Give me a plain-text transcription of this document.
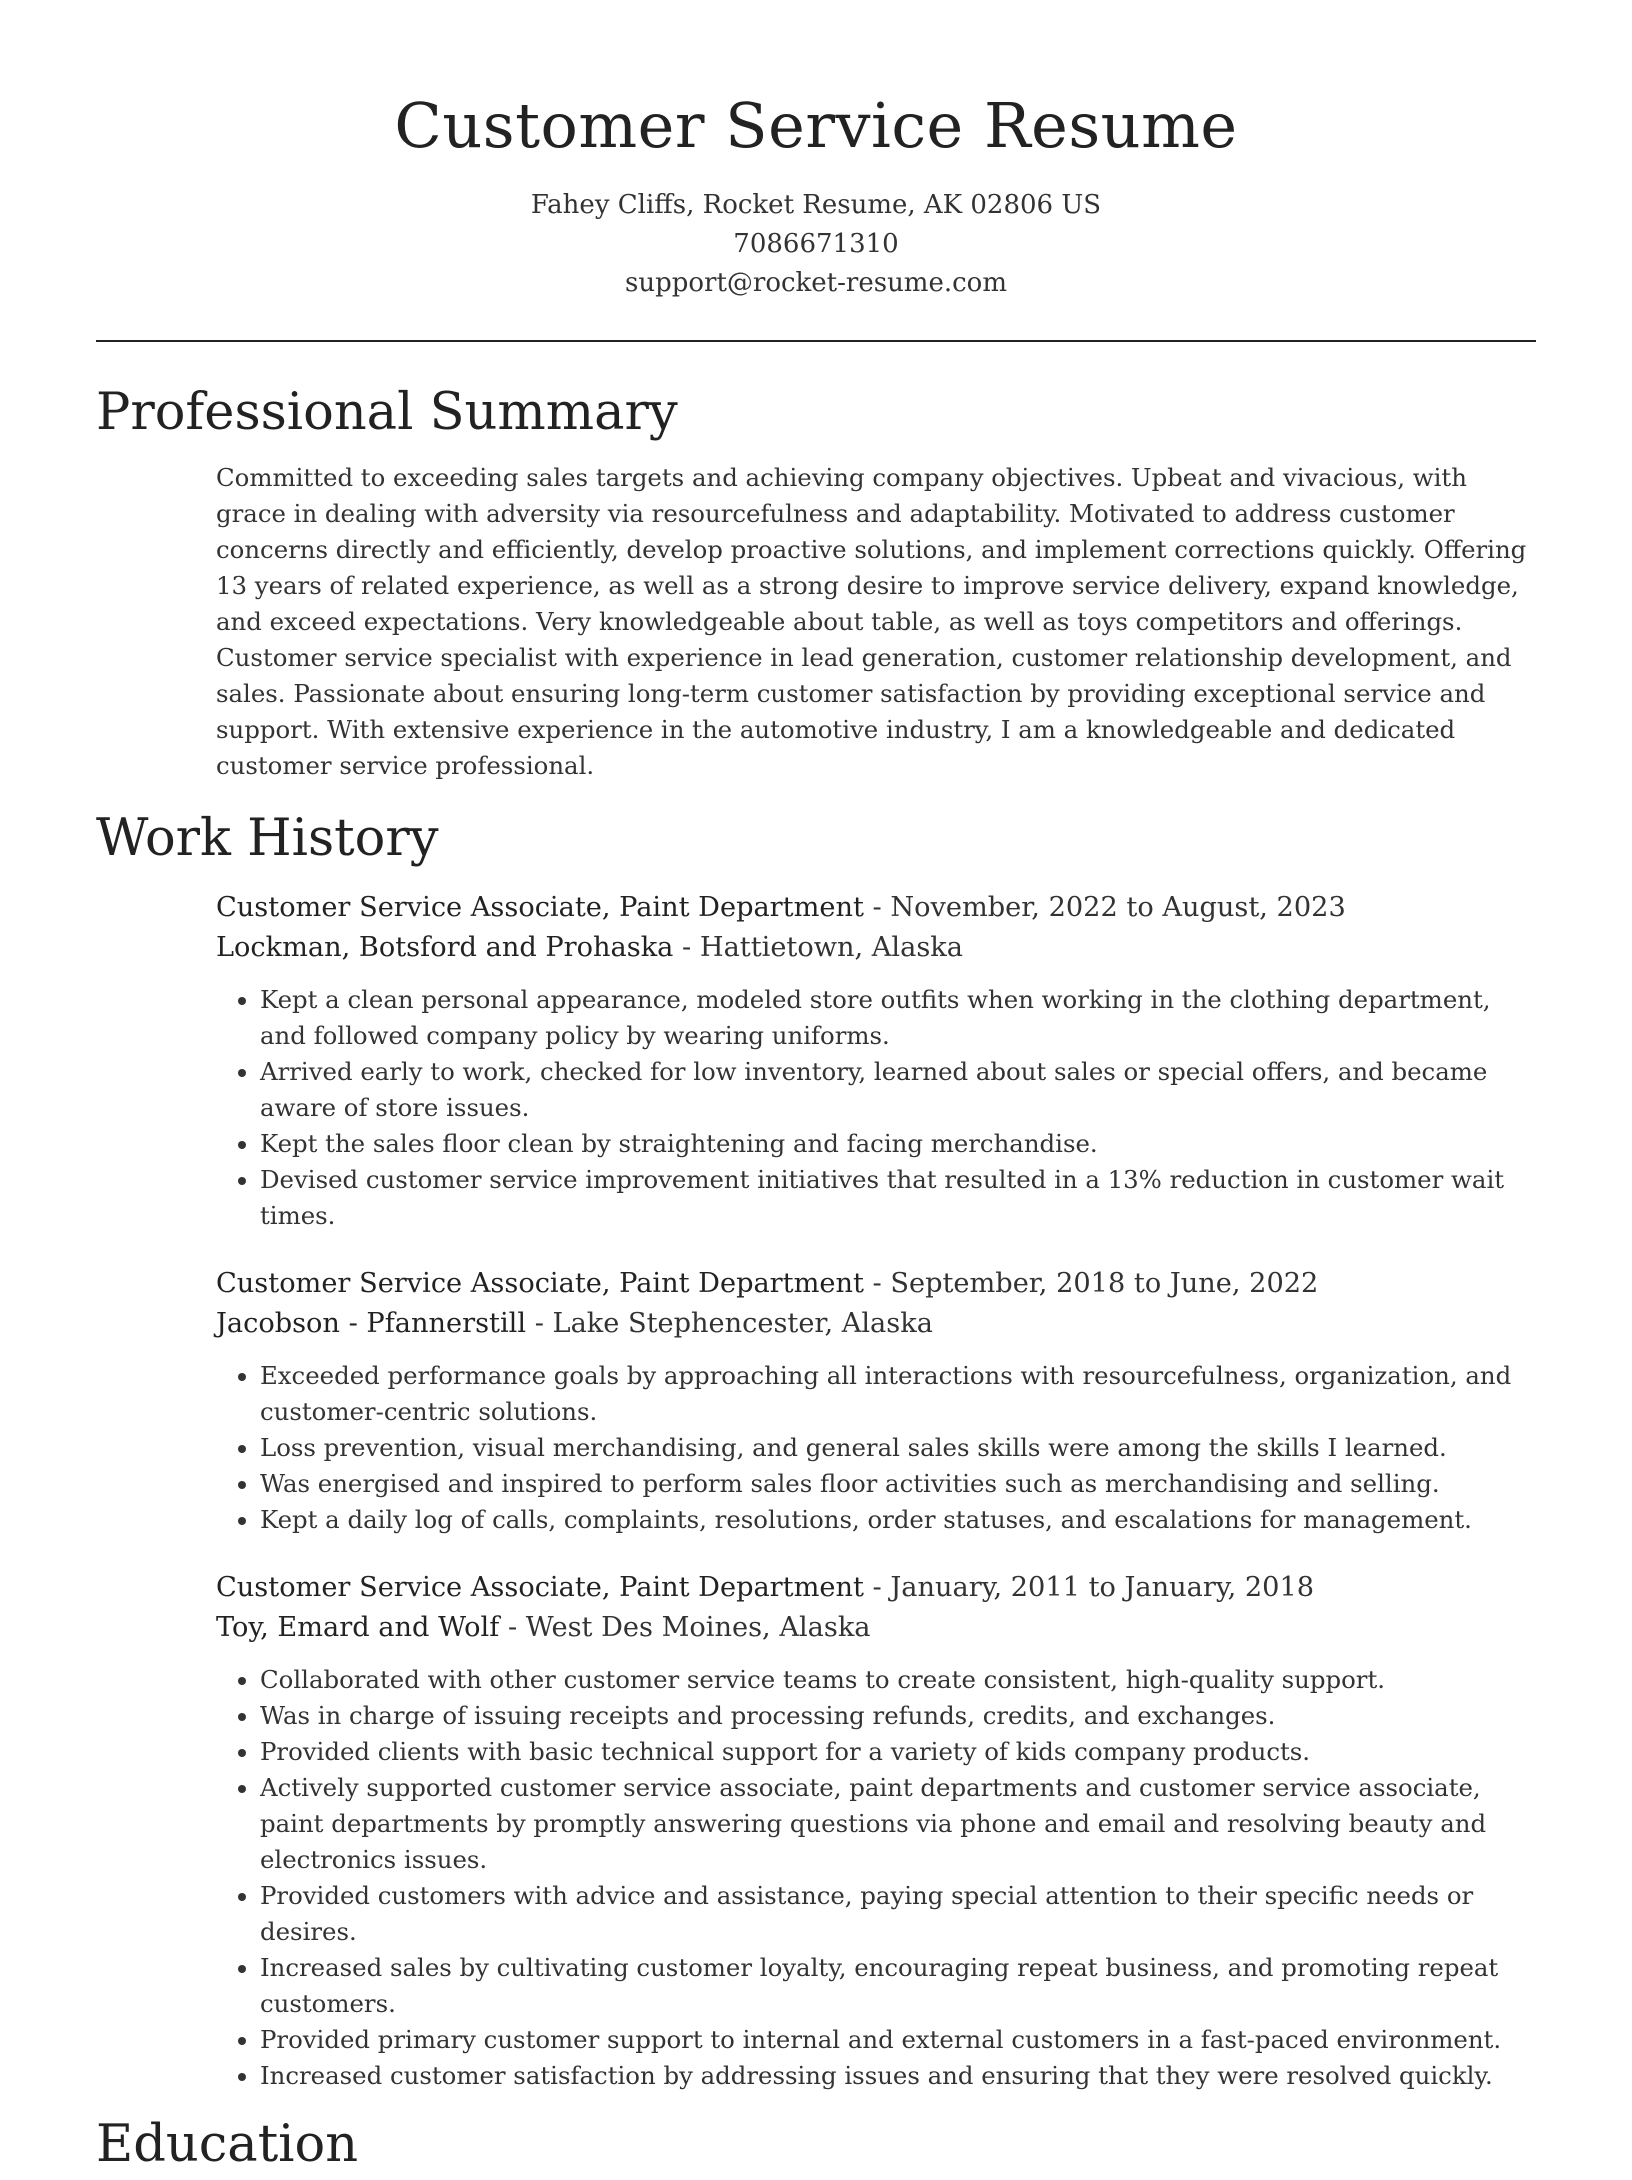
Customer Service Resume
Fahey Cliffs, Rocket Resume, AK 02806 US
7086671310
support@rocket-resume.com
Professional Summary
Committed to exceeding sales targets and achieving company objectives. Upbeat and vivacious, with grace in dealing with adversity via resourcefulness and adaptability. Motivated to address customer concerns directly and efficiently, develop proactive solutions, and implement corrections quickly. Offering 13 years of related experience, as well as a strong desire to improve service delivery, expand knowledge, and exceed expectations. Very knowledgeable about table, as well as toys competitors and offerings. Customer service specialist with experience in lead generation, customer relationship development, and sales. Passionate about ensuring long-term customer satisfaction by providing exceptional service and support. With extensive experience in the automotive industry, I am a knowledgeable and dedicated customer service professional.
Work History
Customer Service Associate, Paint Department - November, 2022 to August, 2023
Lockman, Botsford and Prohaska - Hattietown, Alaska
• Kept a clean personal appearance, modeled store outfits when working in the clothing department, and followed company policy by wearing uniforms.
• Arrived early to work, checked for low inventory, learned about sales or special offers, and became aware of store issues.
• Kept the sales floor clean by straightening and facing merchandise.
• Devised customer service improvement initiatives that resulted in a 13% reduction in customer wait times.
Customer Service Associate, Paint Department - September, 2018 to June, 2022
Jacobson - Pfannerstill - Lake Stephencester, Alaska
• Exceeded performance goals by approaching all interactions with resourcefulness, organization, and customer-centric solutions.
• Loss prevention, visual merchandising, and general sales skills were among the skills I learned.
• Was energised and inspired to perform sales floor activities such as merchandising and selling.
• Kept a daily log of calls, complaints, resolutions, order statuses, and escalations for management.
Customer Service Associate, Paint Department - January, 2011 to January, 2018
Toy, Emard and Wolf - West Des Moines, Alaska
• Collaborated with other customer service teams to create consistent, high-quality support.
• Was in charge of issuing receipts and processing refunds, credits, and exchanges.
• Provided clients with basic technical support for a variety of kids company products.
• Actively supported customer service associate, paint departments and customer service associate, paint departments by promptly answering questions via phone and email and resolving beauty and electronics issues.
• Provided customers with advice and assistance, paying special attention to their specific needs or desires.
• Increased sales by cultivating customer loyalty, encouraging repeat business, and promoting repeat customers.
• Provided primary customer support to internal and external customers in a fast-paced environment.
• Increased customer satisfaction by addressing issues and ensuring that they were resolved quickly.
Education
